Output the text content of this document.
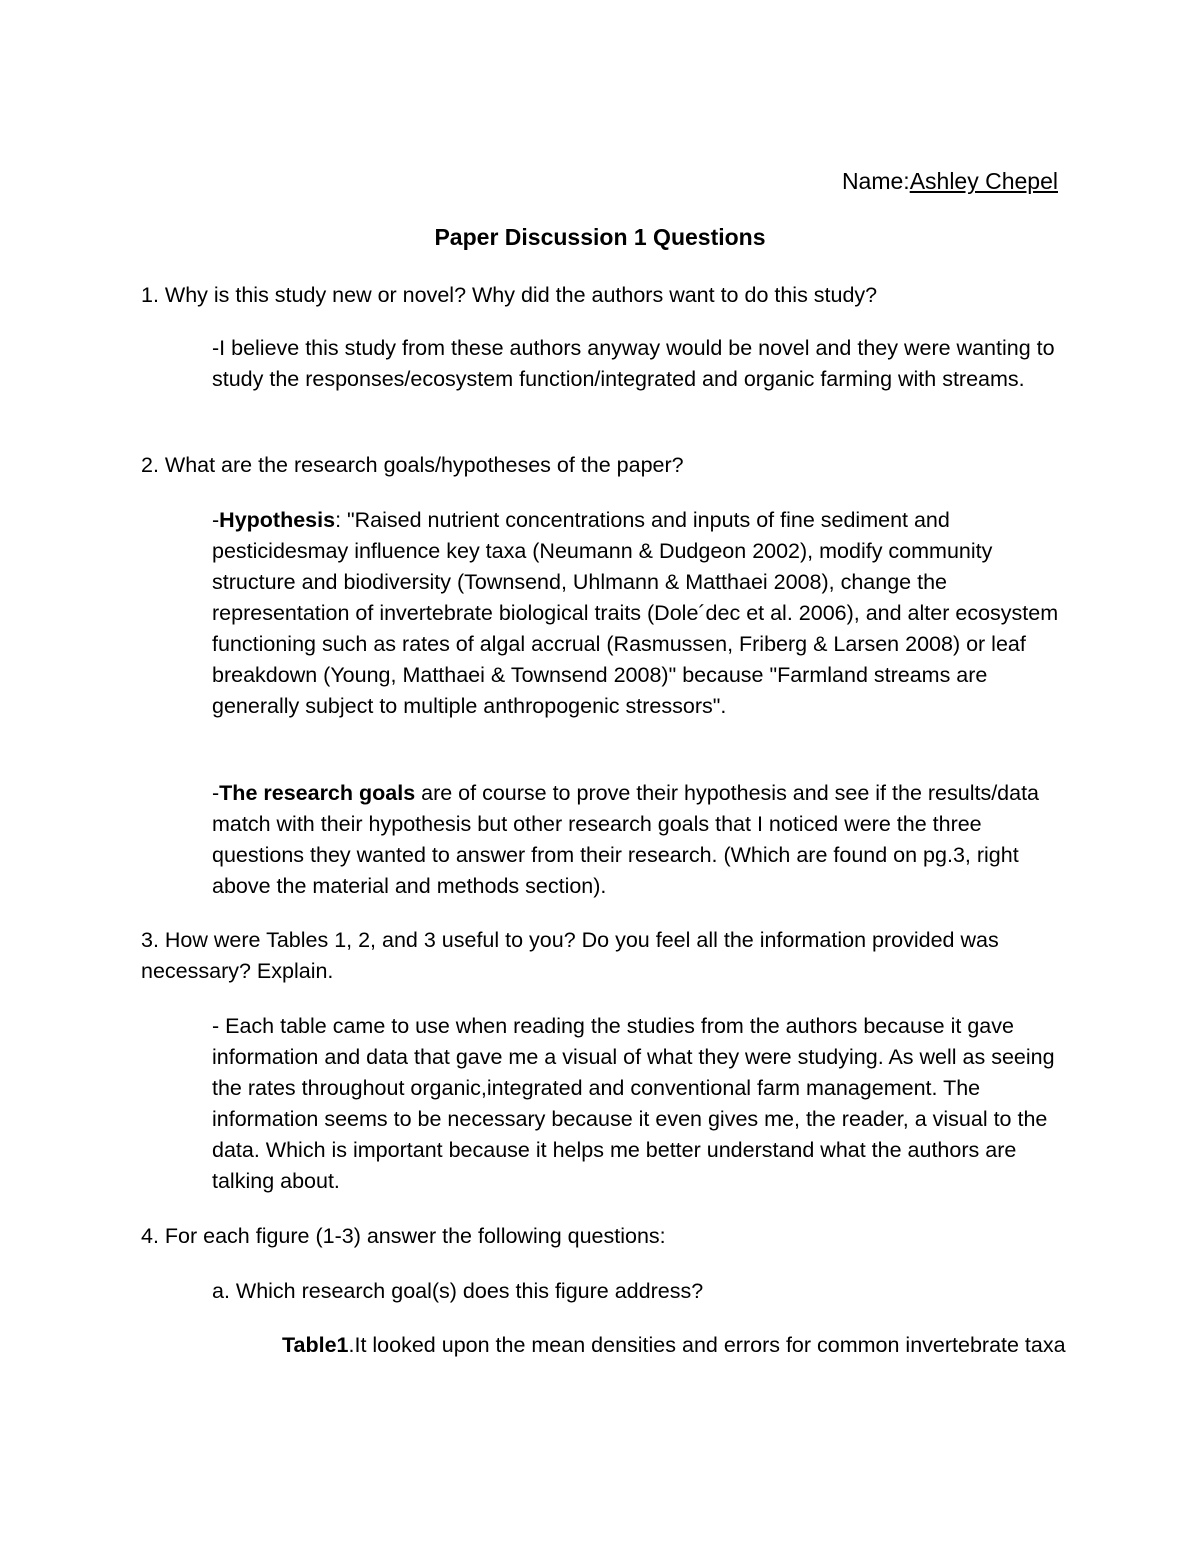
Name:Ashley Chepel
Paper Discussion 1 Questions

1. Why is this study new or novel? Why did the authors want to do this study?

-I believe this study from these authors anyway would be novel and they were wanting to study the responses/ecosystem function/integrated and organic farming with streams.

2. What are the research goals/hypotheses of the paper?

-Hypothesis: "Raised nutrient concentrations and inputs of fine sediment and pesticidesmay influence key taxa (Neumann & Dudgeon 2002), modify community structure and biodiversity (Townsend, Uhlmann & Matthaei 2008), change the representation of invertebrate biological traits (Dole´dec et al. 2006), and alter ecosystem functioning such as rates of algal accrual (Rasmussen, Friberg & Larsen 2008) or leaf breakdown (Young, Matthaei & Townsend 2008)" because "Farmland streams are generally subject to multiple anthropogenic stressors".

-The research goals are of course to prove their hypothesis and see if the results/data match with their hypothesis but other research goals that I noticed were the three questions they wanted to answer from their research. (Which are found on pg.3, right above the material and methods section).

3. How were Tables 1, 2, and 3 useful to you? Do you feel all the information provided was necessary? Explain.

- Each table came to use when reading the studies from the authors because it gave information and data that gave me a visual of what they were studying. As well as seeing the rates throughout organic,integrated and conventional farm management. The information seems to be necessary because it even gives me, the reader, a visual to the data. Which is important because it helps me better understand what the authors are talking about.

4. For each figure (1-3) answer the following questions:

a. Which research goal(s) does this figure address?

Table1.It looked upon the mean densities and errors for common invertebrate taxa
